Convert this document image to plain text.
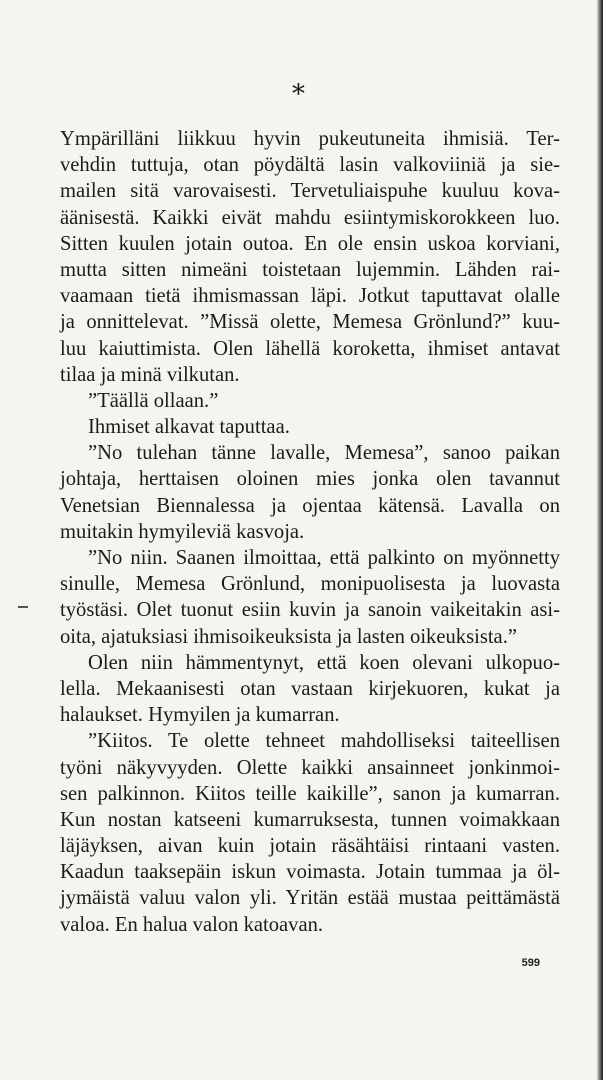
∗
Ympärilläni liikkuu hyvin pukeutuneita ihmisiä. Ter-
vehdin tuttuja, otan pöydältä lasin valkoviiniä ja sie-
mailen sitä varovaisesti. Tervetuliaispuhe kuuluu kova-
äänisestä. Kaikki eivät mahdu esiintymiskorokkeen luo.
Sitten kuulen jotain outoa. En ole ensin uskoa korviani,
mutta sitten nimeäni toistetaan lujemmin. Lähden rai-
vaamaan tietä ihmismassan läpi. Jotkut taputtavat olalle
ja onnittelevat. ”Missä olette, Memesa Grönlund?” kuu-
luu kaiuttimista. Olen lähellä koroketta, ihmiset antavat
tilaa ja minä vilkutan.
”Täällä ollaan.”
Ihmiset alkavat taputtaa.
”No tulehan tänne lavalle, Memesa”, sanoo paikan
johtaja, herttaisen oloinen mies jonka olen tavannut
Venetsian Biennalessa ja ojentaa kätensä. Lavalla on
muitakin hymyileviä kasvoja.
”No niin. Saanen ilmoittaa, että palkinto on myönnetty
sinulle, Memesa Grönlund, monipuolisesta ja luovasta
työstäsi. Olet tuonut esiin kuvin ja sanoin vaikeitakin asi-
oita, ajatuksiasi ihmisoikeuksista ja lasten oikeuksista.”
Olen niin hämmentynyt, että koen olevani ulkopuo-
lella. Mekaanisesti otan vastaan kirjekuoren, kukat ja
halaukset. Hymyilen ja kumarran.
”Kiitos. Te olette tehneet mahdolliseksi taiteellisen
työni näkyvyyden. Olette kaikki ansainneet jonkinmoi-
sen palkinnon. Kiitos teille kaikille”, sanon ja kumarran.
Kun nostan katseeni kumarruksesta, tunnen voimakkaan
läjäyksen, aivan kuin jotain räsähtäisi rintaani vasten.
Kaadun taaksepäin iskun voimasta. Jotain tummaa ja öl-
jymäistä valuu valon yli. Yritän estää mustaa peittämästä
valoa. En halua valon katoavan.
599
